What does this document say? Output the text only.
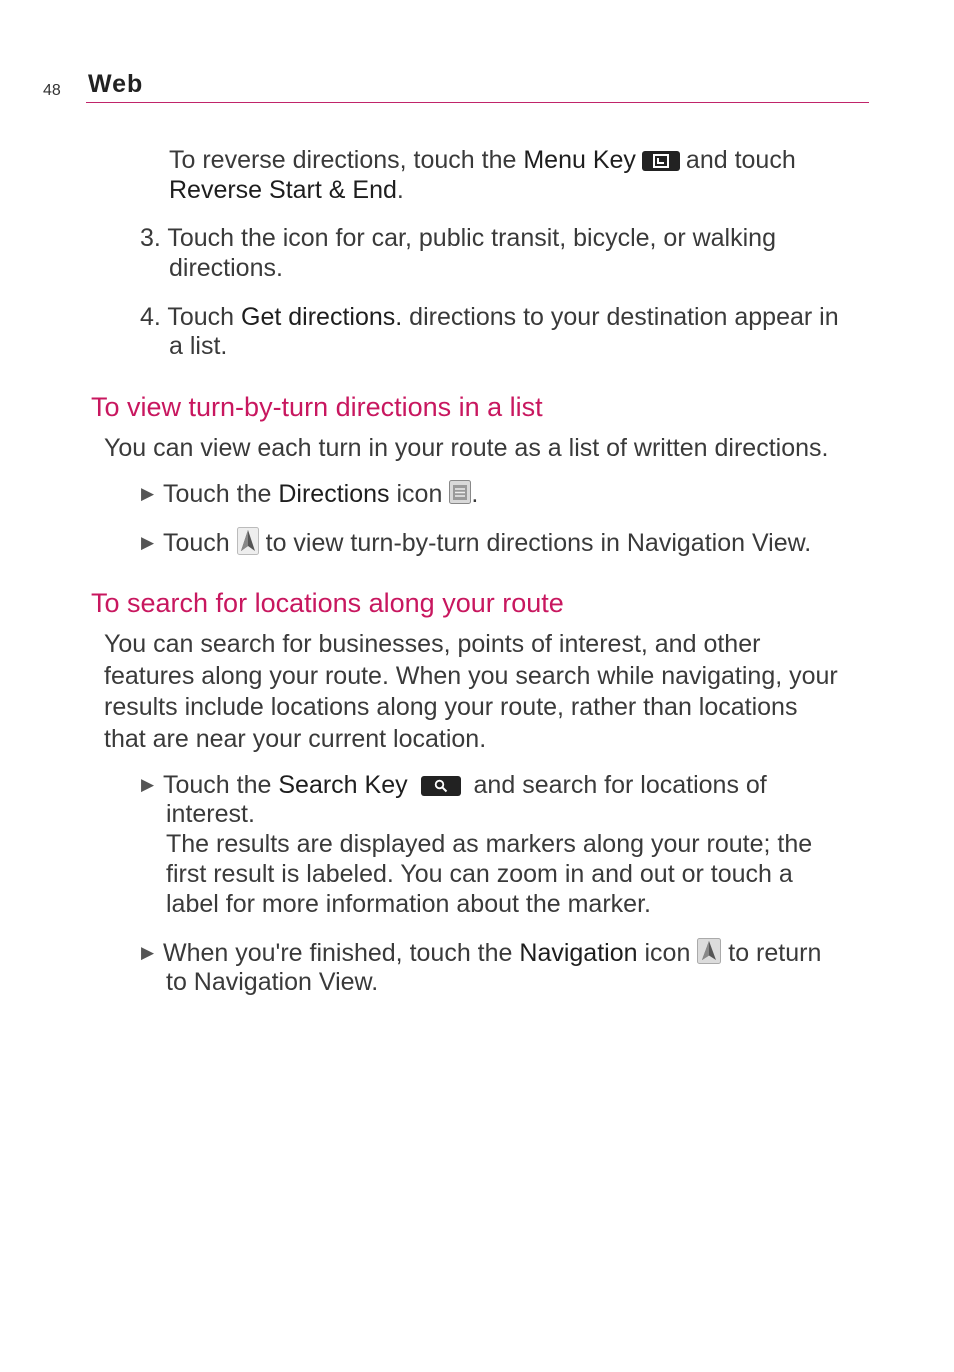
48 Web
To reverse directions, touch the Menu Key and touch
Reverse Start & End.
3. Touch the icon for car, public transit, bicycle, or walking
directions.
4. Touch Get directions. directions to your destination appear in
a list.
To view turn-by-turn directions in a list
You can view each turn in your route as a list of written directions.
▶ Touch the Directions icon .
▶ Touch to view turn-by-turn directions in Navigation View.
To search for locations along your route
You can search for businesses, points of interest, and other
features along your route. When you search while navigating, your
results include locations along your route, rather than locations
that are near your current location.
▶ Touch the Search Key	and search for locations of
interest.
The results are displayed as markers along your route; the
first result is labeled. You can zoom in and out or touch a
label for more information about the marker.
▶ When you're finished, touch the Navigation icon to return
to Navigation View.
